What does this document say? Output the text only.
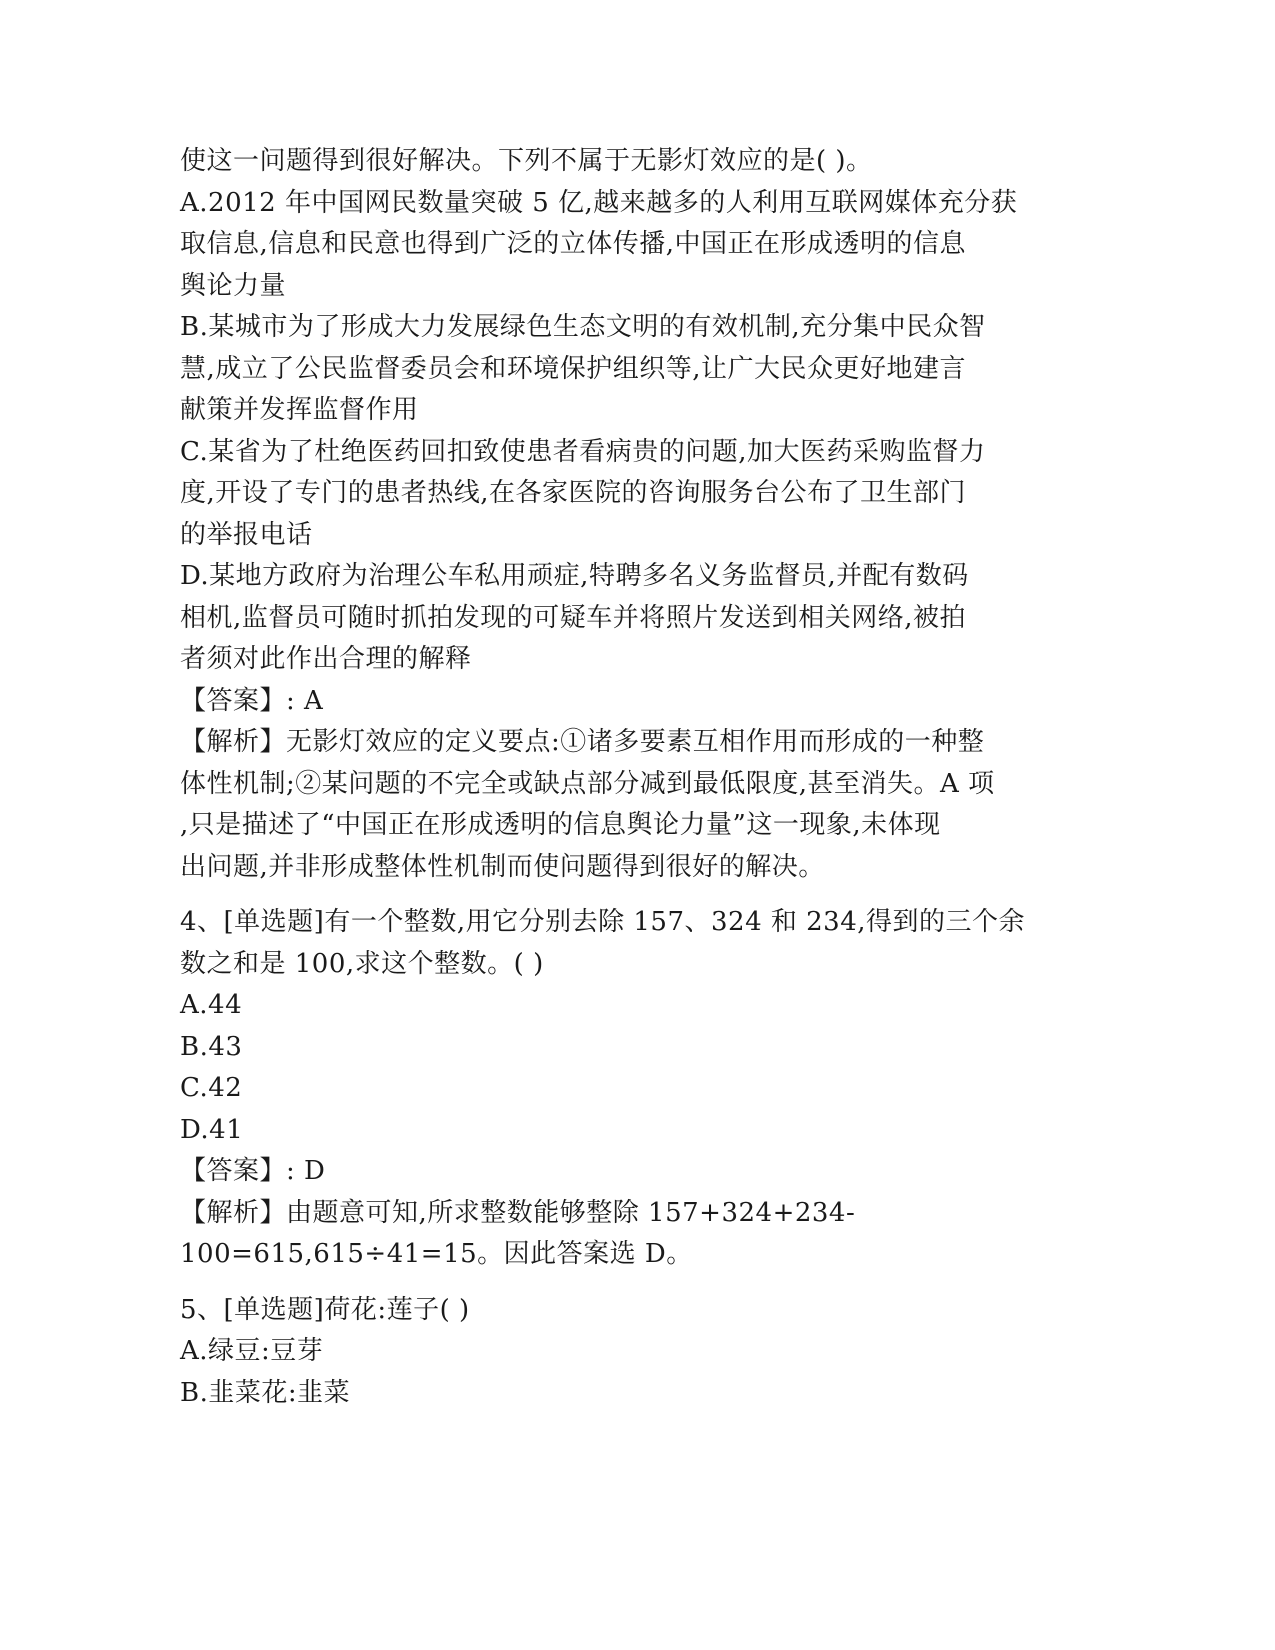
使这一问题得到很好解决。下列不属于无影灯效应的是( )。
A.2012 年中国网民数量突破 5 亿,越来越多的人利用互联网媒体充分获
取信息,信息和民意也得到广泛的立体传播,中国正在形成透明的信息
舆论力量
B.某城市为了形成大力发展绿色生态文明的有效机制,充分集中民众智
慧,成立了公民监督委员会和环境保护组织等,让广大民众更好地建言
献策并发挥监督作用
C.某省为了杜绝医药回扣致使患者看病贵的问题,加大医药采购监督力
度,开设了专门的患者热线,在各家医院的咨询服务台公布了卫生部门
的举报电话
D.某地方政府为治理公车私用顽症,特聘多名义务监督员,并配有数码
相机,监督员可随时抓拍发现的可疑车并将照片发送到相关网络,被拍
者须对此作出合理的解释
【答案】: A
【解析】无影灯效应的定义要点:①诸多要素互相作用而形成的一种整
体性机制;②某问题的不完全或缺点部分减到最低限度,甚至消失。A 项
,只是描述了“中国正在形成透明的信息舆论力量”这一现象,未体现
出问题,并非形成整体性机制而使问题得到很好的解决。
4、[单选题]有一个整数,用它分别去除 157、324 和 234,得到的三个余
数之和是 100,求这个整数。( )
A.44
B.43
C.42
D.41
【答案】: D
【解析】由题意可知,所求整数能够整除 157+324+234-
100=615,615÷41=15。因此答案选 D。
5、[单选题]荷花:莲子( )
A.绿豆:豆芽
B.韭菜花:韭菜
